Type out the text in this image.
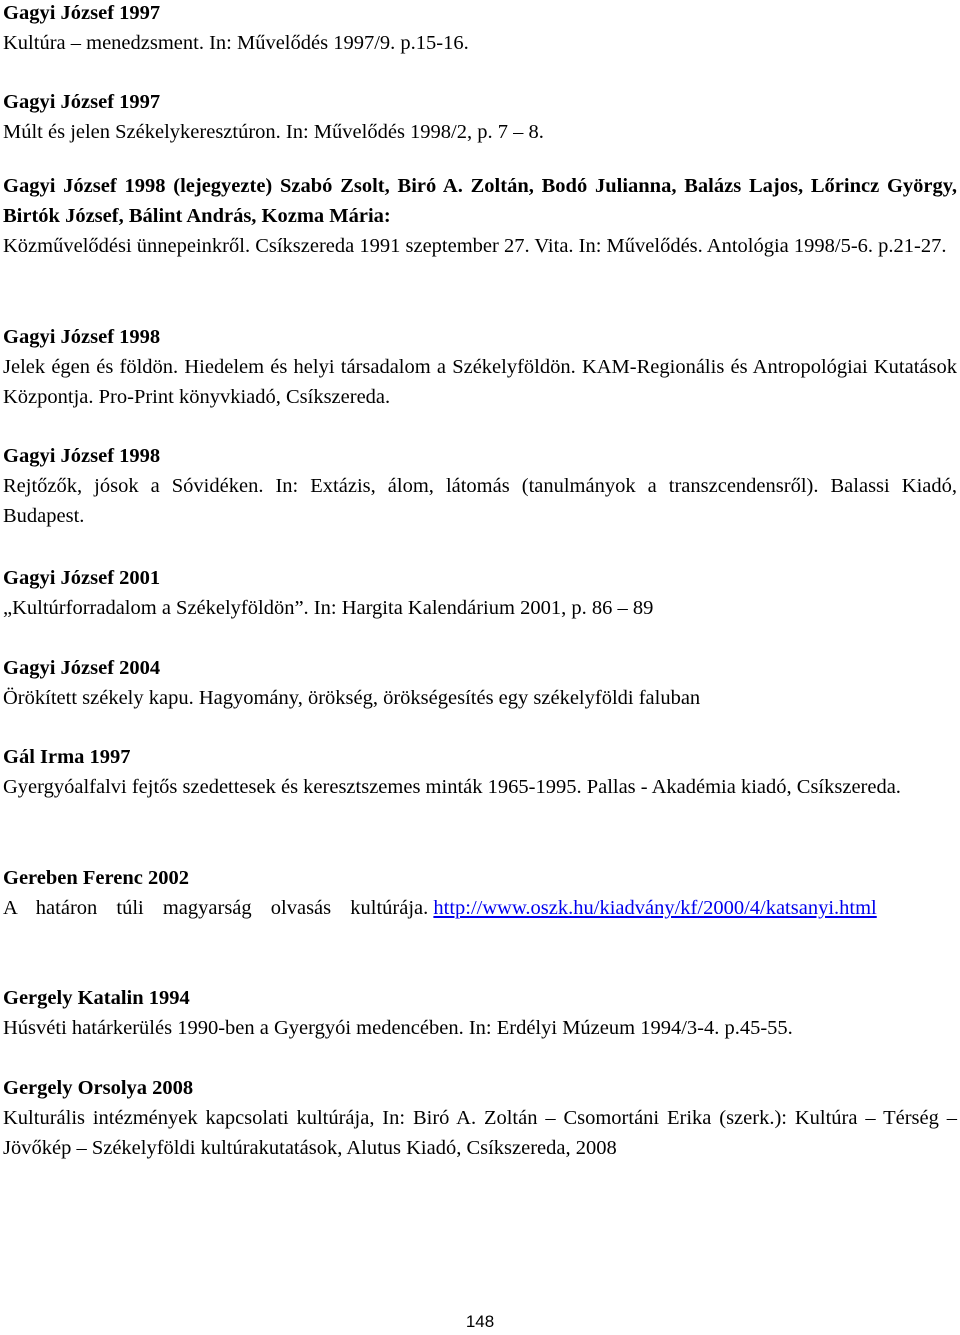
Gagyi József 1997
Kultúra – menedzsment. In: Művelődés 1997/9. p.15-16.
Gagyi József 1997
Múlt és jelen Székelykeresztúron. In: Művelődés 1998/2, p. 7 – 8.
Gagyi József 1998 (lejegyezte) Szabó Zsolt, Biró A. Zoltán, Bodó Julianna, Balázs Lajos, Lőrincz György, Birtók József, Bálint András, Kozma Mária:
Közművelődési ünnepeinkről. Csíkszereda 1991 szeptember 27. Vita. In: Művelődés. Antológia 1998/5-6. p.21-27.
Gagyi József 1998
Jelek égen és földön. Hiedelem és helyi társadalom a Székelyföldön. KAM-Regionális és Antropológiai Kutatások Központja. Pro-Print könyvkiadó, Csíkszereda.
Gagyi József 1998
Rejtőzők, jósok a Sóvidéken. In: Extázis, álom, látomás (tanulmányok a transzcendensről). Balassi Kiadó, Budapest.
Gagyi József 2001
„Kultúrforradalom a Székelyföldön”. In: Hargita Kalendárium 2001, p. 86 – 89
Gagyi József 2004
Örökített székely kapu. Hagyomány, örökség, örökségesítés egy székelyföldi faluban
Gál Irma 1997
Gyergyóalfalvi fejtős szedettesek és keresztszemes minták 1965-1995. Pallas - Akadémia kiadó, Csíkszereda.
Gereben Ferenc 2002
A határon túli magyarság olvasás kultúrája. http://www.oszk.hu/kiadvány/kf/2000/4/katsanyi.html
Gergely Katalin 1994
Húsvéti határkerülés 1990-ben a Gyergyói medencében. In: Erdélyi Múzeum 1994/3-4. p.45-55.
Gergely Orsolya 2008
Kulturális intézmények kapcsolati kultúrája, In: Biró A. Zoltán – Csomortáni Erika (szerk.): Kultúra – Térség – Jövőkép – Székelyföldi kultúrakutatások, Alutus Kiadó, Csíkszereda, 2008
148
